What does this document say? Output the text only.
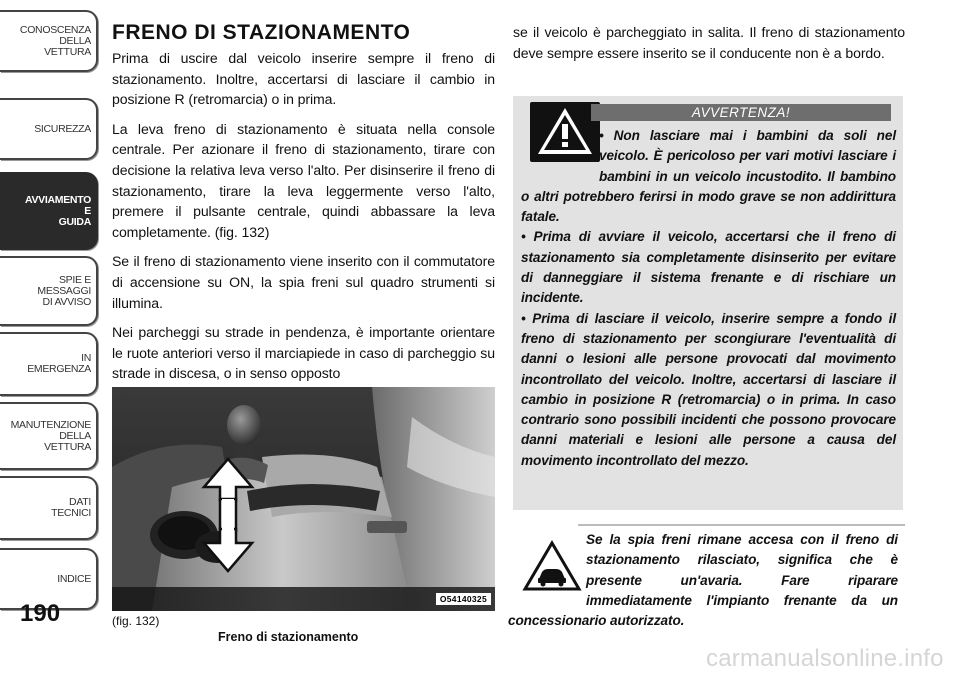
CONOSCENZA
DELLA
VETTURA
SICUREZZA
AVVIAMENTO
E
GUIDA
SPIE E
MESSAGGI
DI AVVISO
IN
EMERGENZA
MANUTENZIONE
DELLA
VETTURA
DATI
TECNICI
INDICE
190
FRENO DI STAZIONAMENTO

Prima di uscire dal veicolo inserire sempre il freno di stazionamento. Inoltre, accertarsi di lasciare il cambio in posizione R (retromarcia) o in prima.

La leva freno di stazionamento è situata nella console centrale. Per azionare il freno di stazionamento, tirare con decisione la relativa leva verso l'alto. Per disinserire il freno di stazionamento, tirare la leva leggermente verso l'alto, premere il pulsante centrale, quindi abbassare la leva completamente. (fig. 132)

Se il freno di stazionamento viene inserito con il commutatore di accensione su ON, la spia freni sul quadro strumenti si illumina.

Nei parcheggi su strade in pendenza, è importante orientare le ruote anteriori verso il marciapiede in caso di parcheggio su strade in discesa, o in senso opposto

O54140325
(fig. 132)
Freno di stazionamento

se il veicolo è parcheggiato in salita. Il freno di stazionamento deve sempre essere inserito se il conducente non è a bordo.

AVVERTENZA!
• Non lasciare mai i bambini da soli nel veicolo. È pericoloso per vari motivi lasciare i bambini in un veicolo incustodito. Il bambino o altri potrebbero ferirsi in modo grave se non addirittura fatale.
• Prima di avviare il veicolo, accertarsi che il freno di stazionamento sia completamente disinserito per evitare di danneggiare il sistema frenante e di rischiare un incidente.
• Prima di lasciare il veicolo, inserire sempre a fondo il freno di stazionamento per scongiurare l'eventualità di danni o lesioni alle persone provocati dal movimento incontrollato del veicolo. Inoltre, accertarsi di lasciare il cambio in posizione R (retromarcia) o in prima. In caso contrario sono possibili incidenti che possono provocare danni materiali e lesioni alle persone a causa del movimento incontrollato del mezzo.
Se la spia freni rimane accesa con il freno di stazionamento rilasciato, significa che è presente un'avaria. Fare riparare immediatamente l'impianto frenante da un concessionario autorizzato.
carmanualsonline.info
